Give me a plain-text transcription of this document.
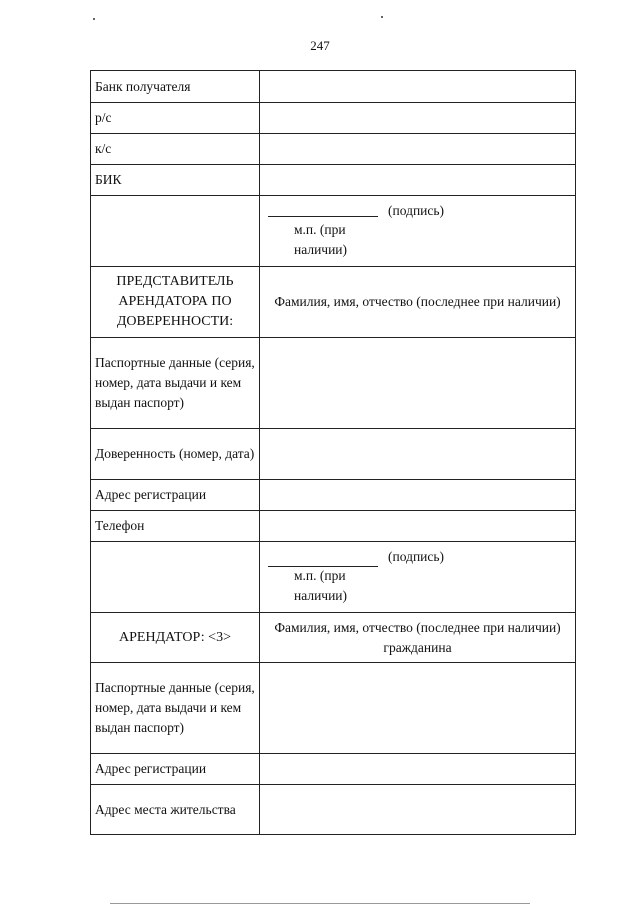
247
Банк получателя	
р/с	
к/с	
БИК	

	(подпись)
м.п. (при наличии)

ПРЕДСТАВИТЕЛЬ АРЕНДАТОРА ПО ДОВЕРЕННОСТИ:	Фамилия, имя, отчество (последнее при наличии)
Паспортные данные (серия, номер, дата выдачи и кем выдан паспорт)	
Доверенность (номер, дата)	
Адрес регистрации	
Телефон	

	(подпись)
м.п. (при наличии)

АРЕНДАТОР: <3>	Фамилия, имя, отчество (последнее при наличии) гражданина
Паспортные данные (серия, номер, дата выдачи и кем выдан паспорт)	
Адрес регистрации	
Адрес места жительства	
